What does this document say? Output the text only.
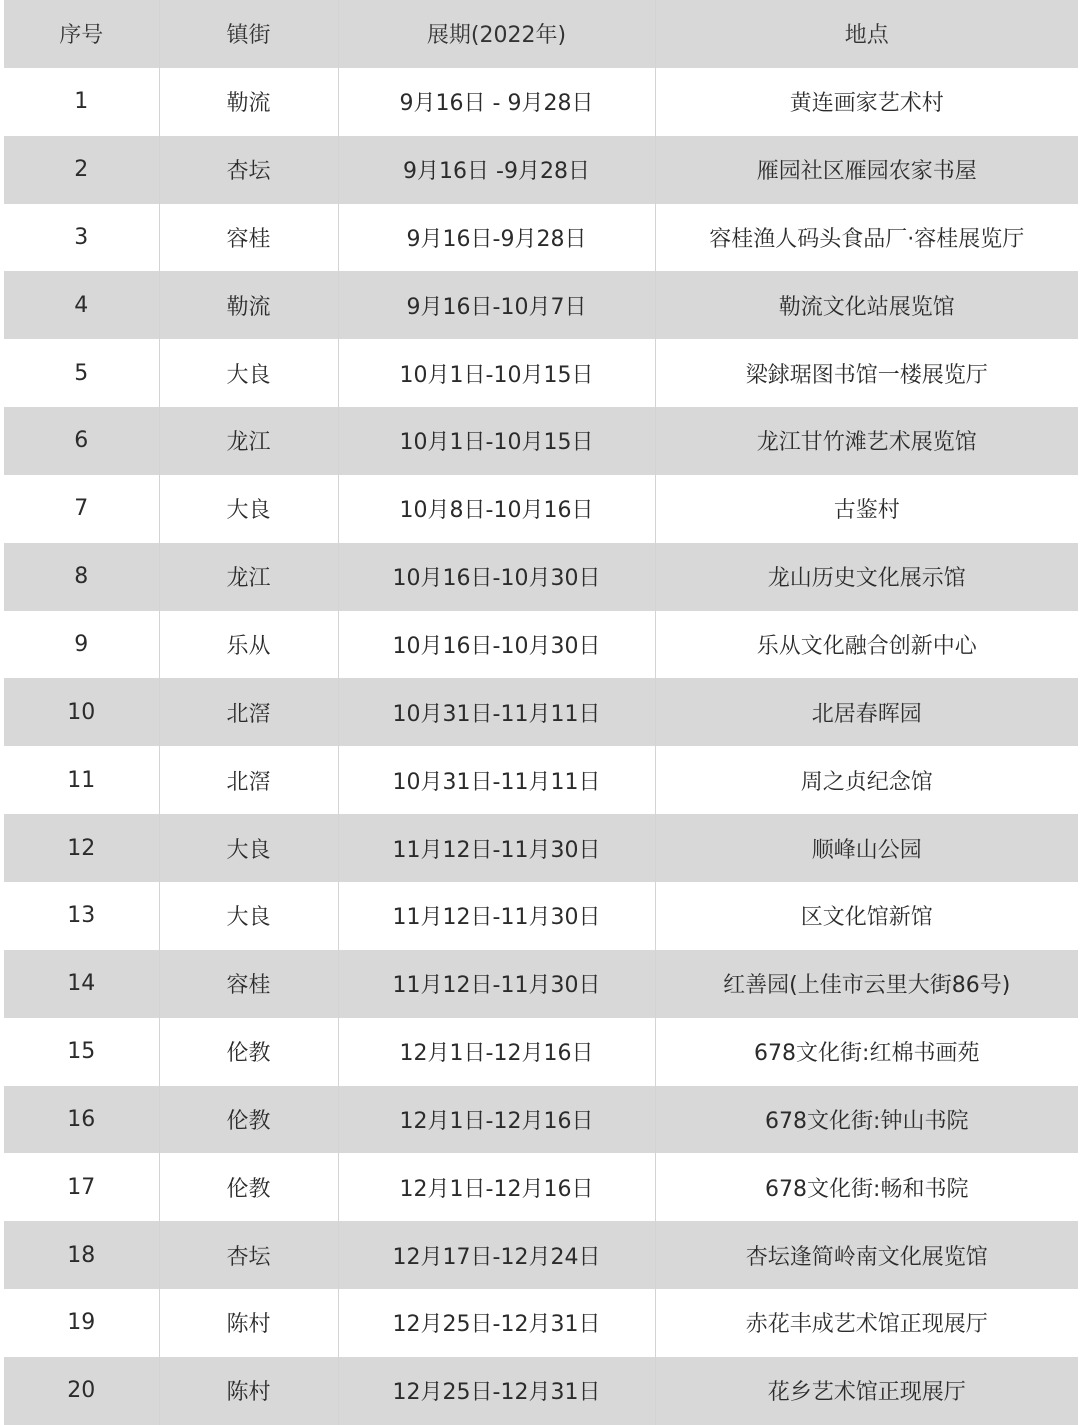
序号	镇街	展期(2022年)	地点
1	勒流	9月16日 - 9月28日	黄连画家艺术村
2	杏坛	9月16日 -9月28日	雁园社区雁园农家书屋
3	容桂	9月16日-9月28日	容桂渔人码头食品厂·容桂展览厅
4	勒流	9月16日-10月7日	勒流文化站展览馆
5	大良	10月1日-10月15日	梁銶琚图书馆一楼展览厅
6	龙江	10月1日-10月15日	龙江甘竹滩艺术展览馆
7	大良	10月8日-10月16日	古鉴村
8	龙江	10月16日-10月30日	龙山历史文化展示馆
9	乐从	10月16日-10月30日	乐从文化融合创新中心
10	北滘	10月31日-11月11日	北居春晖园
11	北滘	10月31日-11月11日	周之贞纪念馆
12	大良	11月12日-11月30日	顺峰山公园
13	大良	11月12日-11月30日	区文化馆新馆
14	容桂	11月12日-11月30日	红善园(上佳市云里大街86号)
15	伦教	12月1日-12月16日	678文化街:红棉书画苑
16	伦教	12月1日-12月16日	678文化街:钟山书院
17	伦教	12月1日-12月16日	678文化街:畅和书院
18	杏坛	12月17日-12月24日	杏坛逢简岭南文化展览馆
19	陈村	12月25日-12月31日	赤花丰成艺术馆正现展厅
20	陈村	12月25日-12月31日	花乡艺术馆正现展厅
